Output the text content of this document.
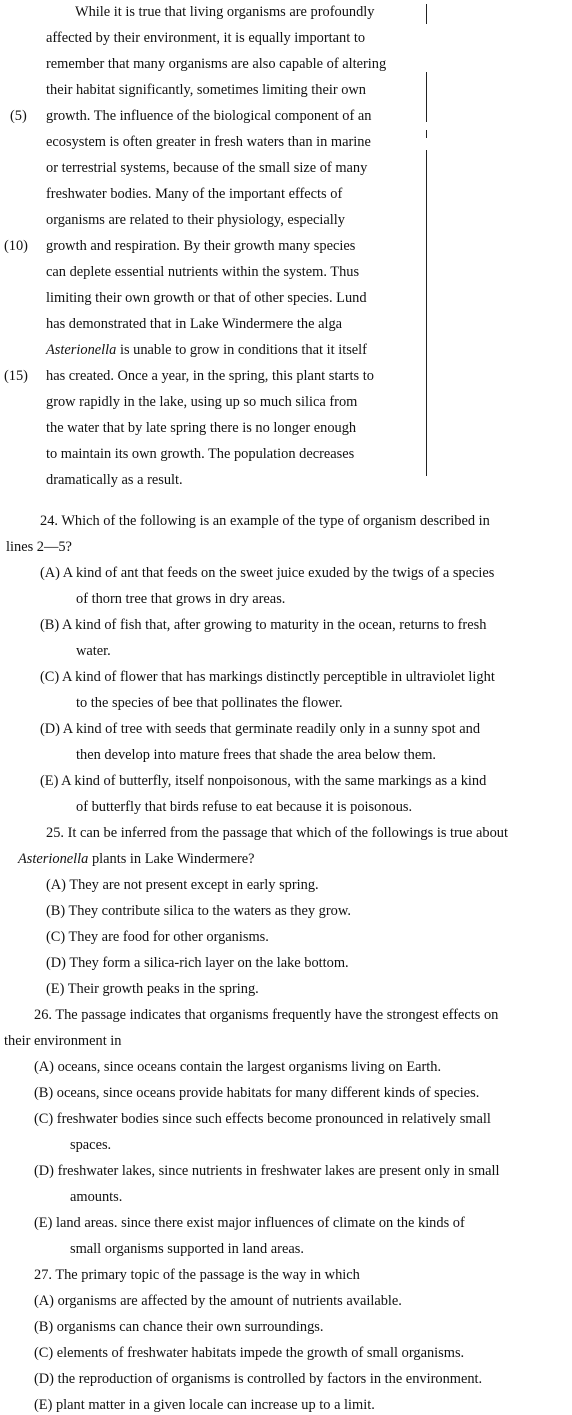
While it is true that living organisms are profoundly
affected by their environment, it is equally important to
remember that many organisms are also capable of altering
their habitat significantly, sometimes limiting their own
growth. The influence of the biological component of an
ecosystem is often greater in fresh waters than in marine
or terrestrial systems, because of the small size of many
freshwater bodies. Many of the important effects of
organisms are related to their physiology, especially
growth and respiration. By their growth many species
can deplete essential nutrients within the system. Thus
limiting their own growth or that of other species. Lund
has demonstrated that in Lake Windermere the alga
Asterionella is unable to grow in conditions that it itself
has created. Once a year, in the spring, this plant starts to
grow rapidly in the lake, using up so much silica from
the water that by late spring there is no longer enough
to maintain its own growth. The population decreases
dramatically as a result.
(5)
(10)
(15)
24. Which of the following is an example of the type of organism described in
lines 2—5?
(A) A kind of ant that feeds on the sweet juice exuded by the twigs of a species
of thorn tree that grows in dry areas.
(B) A kind of fish that, after growing to maturity in the ocean, returns to fresh
water.
(C) A kind of flower that has markings distinctly perceptible in ultraviolet light
to the species of bee that pollinates the flower.
(D) A kind of tree with seeds that germinate readily only in a sunny spot and
then develop into mature frees that shade the area below them.
(E) A kind of butterfly, itself nonpoisonous, with the same markings as a kind
of butterfly that birds refuse to eat because it is poisonous.
25. It can be inferred from the passage that which of the followings is true about
Asterionella plants in Lake Windermere?
(A) They are not present except in early spring.
(B) They contribute silica to the waters as they grow.
(C) They are food for other organisms.
(D) They form a silica-rich layer on the lake bottom.
(E) Their growth peaks in the spring.
26. The passage indicates that organisms frequently have the strongest effects on
their environment in
(A) oceans, since oceans contain the largest organisms living on Earth.
(B) oceans, since oceans provide habitats for many different kinds of species.
(C) freshwater bodies since such effects become pronounced in relatively small
spaces.
(D) freshwater lakes, since nutrients in freshwater lakes are present only in small
amounts.
(E) land areas. since there exist major influences of climate on the kinds of
small organisms supported in land areas.
27. The primary topic of the passage is the way in which
(A) organisms are affected by the amount of nutrients available.
(B) organisms can chance their own surroundings.
(C) elements of freshwater habitats impede the growth of small organisms.
(D) the reproduction of organisms is controlled by factors in the environment.
(E) plant matter in a given locale can increase up to a limit.
